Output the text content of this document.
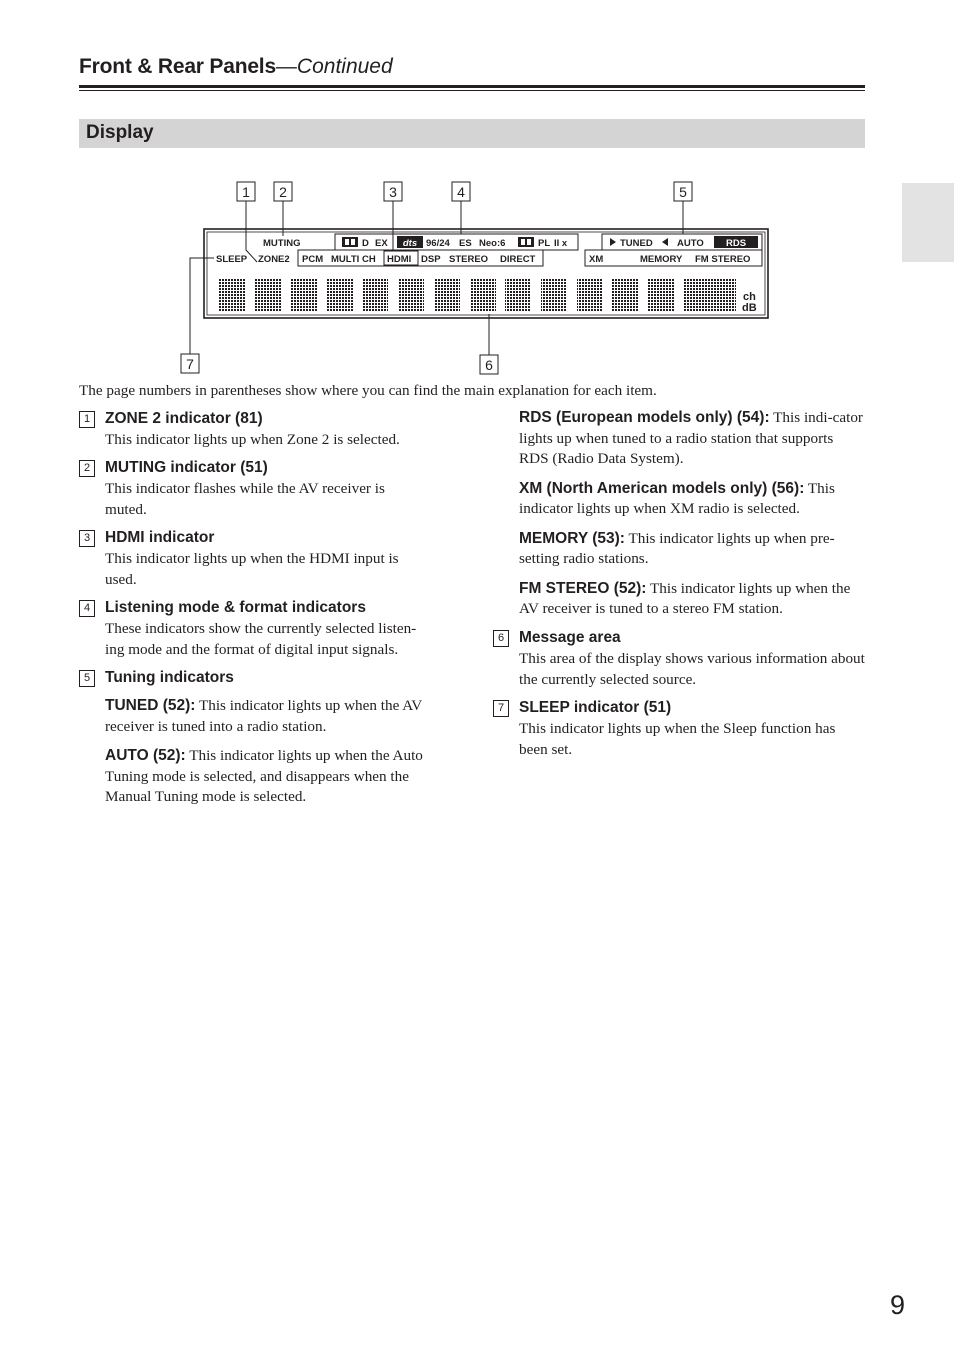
Front & Rear Panels—Continued
Display
1 2	3	4	5
6
7
MUTING	D EX dts 96/24 ES Neo:6	PL II x	TUNED	AUTO RDS
SLEEP ZONE2 PCM MULTI CH HDMI DSP STEREO DIRECT	XM	MEMORY FM STEREO
ch
dB
The page numbers in parentheses show where you can find the main explanation for each item.
1 ZONE 2 indicator (81)
This indicator lights up when Zone 2 is selected.
2 MUTING indicator (51)
This indicator flashes while the AV receiver is muted.
3 HDMI indicator
This indicator lights up when the HDMI input is used.
4 Listening mode & format indicators
These indicators show the currently selected listen-ing mode and the format of digital input signals.
5 Tuning indicators
TUNED (52): This indicator lights up when the AV receiver is tuned into a radio station.
AUTO (52): This indicator lights up when the Auto Tuning mode is selected, and disappears when the Manual Tuning mode is selected.
RDS (European models only) (54): This indi-cator lights up when tuned to a radio station that supports RDS (Radio Data System).
XM (North American models only) (56): This indicator lights up when XM radio is selected.
MEMORY (53): This indicator lights up when pre-setting radio stations.
FM STEREO (52): This indicator lights up when the AV receiver is tuned to a stereo FM station.
6 Message area
This area of the display shows various information about the currently selected source.
7 SLEEP indicator (51)
This indicator lights up when the Sleep function has been set.
9
